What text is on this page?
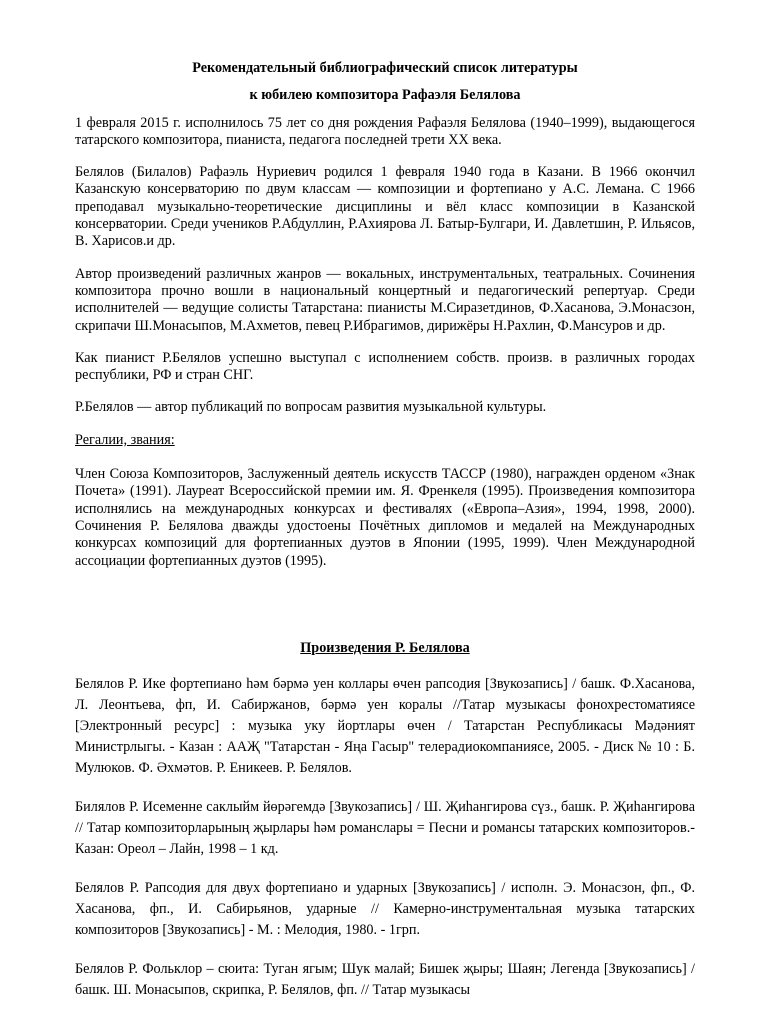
Рекомендательный библиографический список литературы

к юбилею композитора Рафаэля Белялова

1 февраля 2015 г. исполнилось 75 лет со дня рождения Рафаэля Белялова (1940–1999), выдающегося татарского композитора, пианиста, педагога последней трети XX века.

Белялов (Билалов) Рафаэль Нуриевич родился 1 февраля 1940 года в Казани. В 1966 окончил Казанскую консерваторию по двум классам — композиции и фортепиано у А.С. Лемана. С 1966 преподавал музыкально-теоретические дисциплины и вёл класс композиции в Казанской консерватории. Среди учеников Р.Абдуллин, Р.Ахиярова Л. Батыр-Булгари, И. Давлетшин, Р. Ильясов, В. Харисов.и др.

Автор произведений различных жанров — вокальных, инструментальных, театральных. Сочинения композитора прочно вошли в национальный концертный и педагогический репертуар. Среди исполнителей — ведущие солисты Татарстана: пианисты М.Сиразетдинов, Ф.Хасанова, Э.Монасзон, скрипачи Ш.Монасыпов, М.Ахметов, певец Р.Ибрагимов, дирижёры Н.Рахлин, Ф.Мансуров и др.

Как пианист Р.Белялов успешно выступал с исполнением собств. произв. в различных городах республики, РФ и стран СНГ.

Р.Белялов — автор публикаций по вопросам развития музыкальной культуры.

Регалии, звания:

Член Союза Композиторов, Заслуженный деятель искусств ТАССР (1980), награжден орденом «Знак Почета» (1991). Лауреат Всероссийской премии им. Я. Френкеля (1995). Произведения композитора исполнялись на международных конкурсах и фестивалях («Европа–Азия», 1994, 1998, 2000). Сочинения Р. Белялова дважды удостоены Почётных дипломов и медалей на Международных конкурсах композиций для фортепианных дуэтов в Японии (1995, 1999). Член Международной ассоциации фортепианных дуэтов (1995).

Произведения Р. Белялова

Белялов Р. Ике фортепиано һәм бәрмә уен коллары өчен рапсодия [Звукозапись] / башк. Ф.Хасанова, Л. Леонтьева, фп, И. Сабиржанов, бәрмә уен коралы //Татар музыкасы фонохрестоматиясе [Электронный ресурс] : музыка уку йортлары өчен / Татарстан Республикасы Мәдәният Министрлыгы. - Казан : ААҖ "Татарстан - Яңа Гасыр" телерадиокомпаниясе, 2005. - Диск № 10 : Б. Мулюков. Ф. Әхмәтов. Р. Еникеев. Р. Белялов.

Билялов Р. Исеменне саклыйм йөрәгемдә [Звукозапись] / Ш. Җиһангирова сүз., башк. Р. Җиһангирова // Татар композиторларының җырлары һәм романслары = Песни и романсы татарских композиторов.- Казан: Ореол – Лайн, 1998 – 1 кд.

Белялов Р. Рапсодия для двух фортепиано и ударных [Звукозапись] / исполн. Э. Монасзон, фп., Ф. Хасанова, фп., И. Сабирьянов, ударные // Камерно-инструментальная музыка татарских композиторов [Звукозапись] - М. : Мелодия, 1980. - 1грп.

Белялов Р. Фольклор – сюита: Туган ягым; Шук малай; Бишек җыры; Шаян; Легенда [Звукозапись] / башк. Ш. Монасыпов, скрипка, Р. Белялов, фп. // Татар музыкасы
